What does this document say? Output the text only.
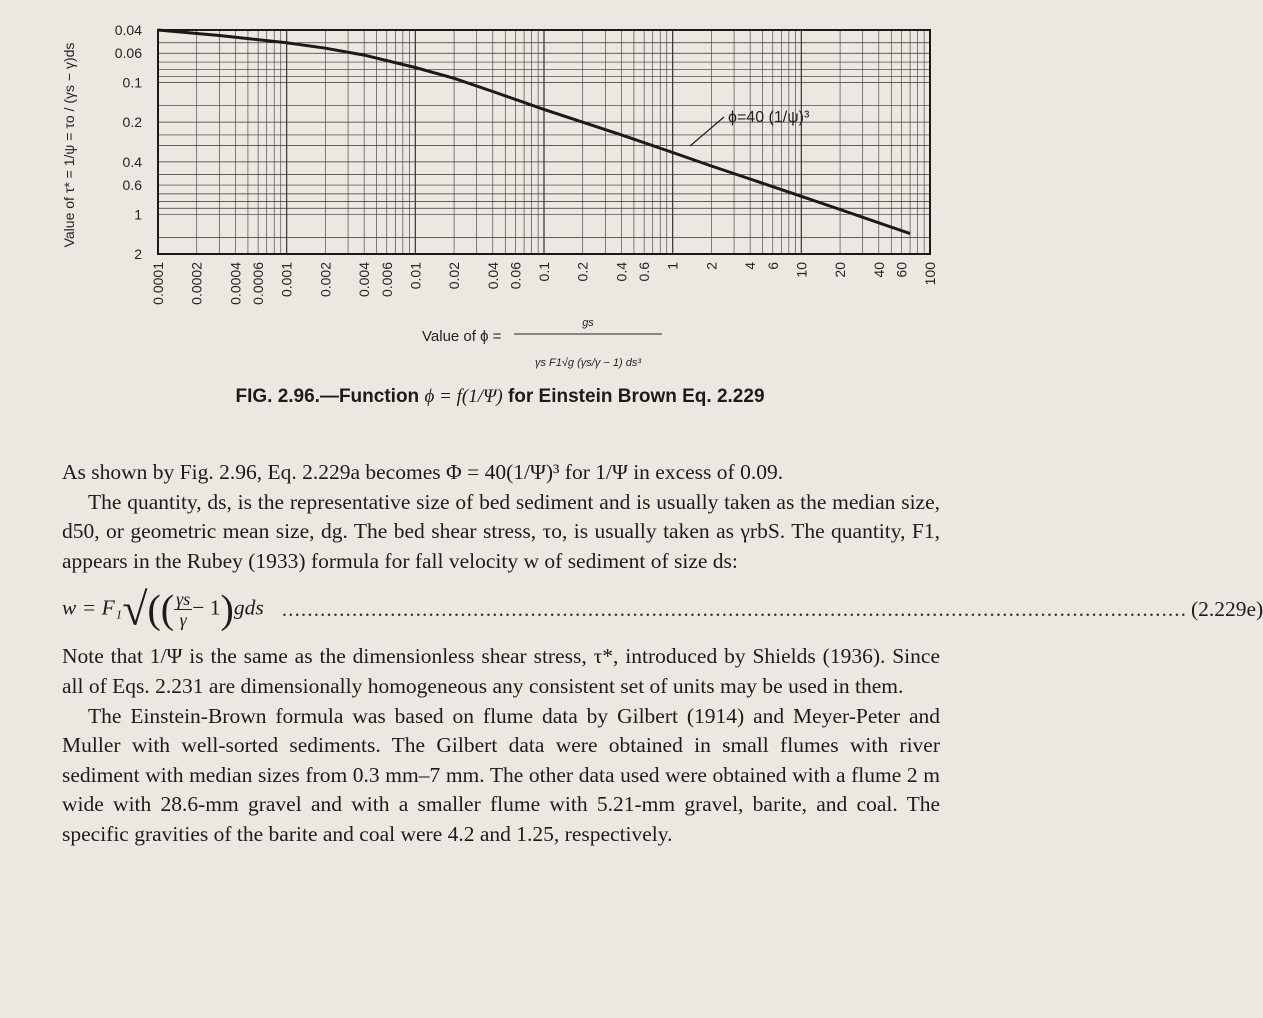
0.04
0.06
0.1
0.2
0.4
0.6
1
2
0.0001 0.0002 0.0004 0.0006 0.001 0.002 0.004 0.006 0.01 0.02 0.04 0.06 0.1 0.2 0.4 0.6 1 2 4 6 10 20 40 60 100
ϕ=40 (1/ψ)³
Value of τ* = 1/ψ = τo / (γs − γ)ds
Value of ϕ =
gs
γs F1√g (γs/γ − 1) ds³
FIG. 2.96.—Function ϕ = f(1/Ψ) for Einstein Brown Eq. 2.229

As shown by Fig. 2.96, Eq. 2.229a becomes Φ = 40(1/Ψ)³ for 1/Ψ in excess of 0.09.

The quantity, ds, is the representative size of bed sediment and is usually taken as the median size, d50, or geometric mean size, dg. The bed shear stress, τo, is usually taken as γrbS. The quantity, F1, appears in the Rubey (1933) formula for fall velocity w of sediment of size ds:

$w = F_1√(( \frac{\gamma s}{\gamma} - 1)gds$ .............................................................................................................................................. (2.229e)

Note that 1/Ψ is the same as the dimensionless shear stress, τ*, introduced by Shields (1936). Since all of Eqs. 2.231 are dimensionally homogeneous any consistent set of units may be used in them.

The Einstein-Brown formula was based on flume data by Gilbert (1914) and Meyer-Peter and Muller with well-sorted sediments. The Gilbert data were obtained in small flumes with river sediment with median sizes from 0.3 mm–7 mm. The other data used were obtained with a flume 2 m wide with 28.6-mm gravel and with a smaller flume with 5.21-mm gravel, barite, and coal. The specific gravities of the barite and coal were 4.2 and 1.25, respectively.
